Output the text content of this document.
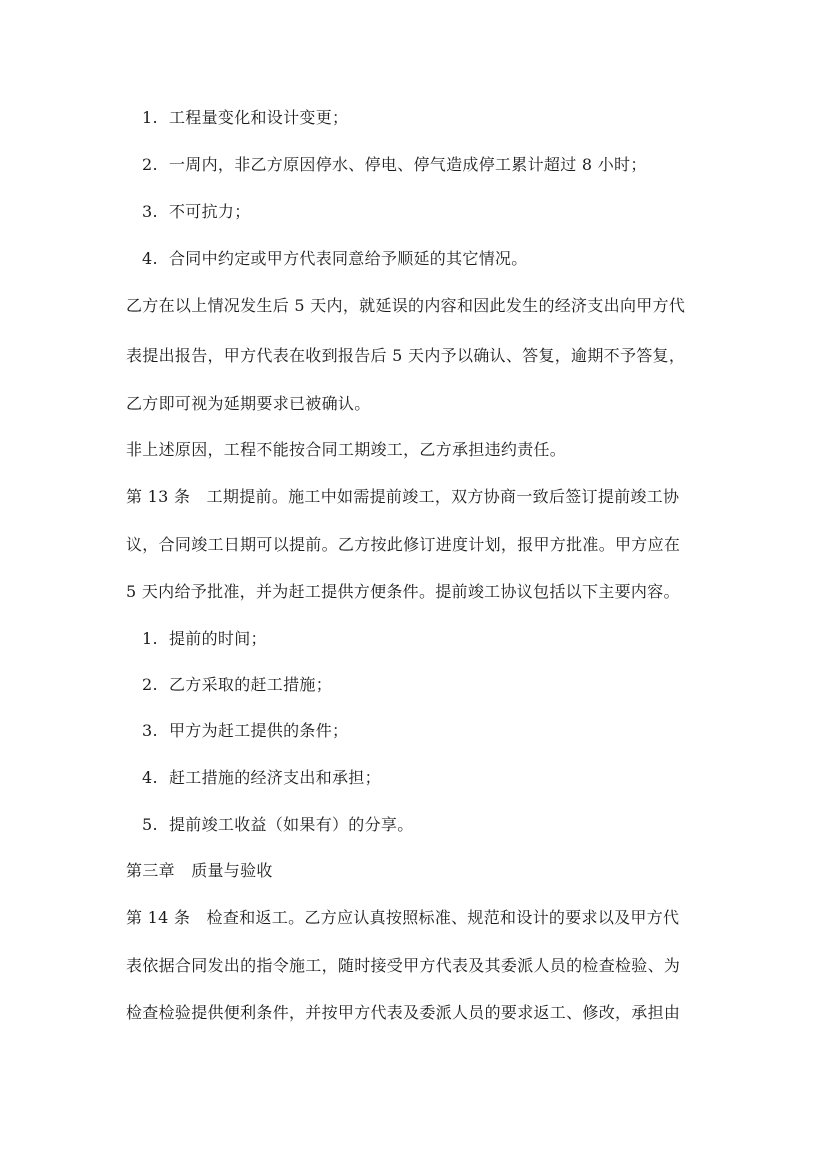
1. 工程量变化和设计变更；
2. 一周内，非乙方原因停水、停电、停气造成停工累计超过 8 小时；
3. 不可抗力；
4. 合同中约定或甲方代表同意给予顺延的其它情况。
乙方在以上情况发生后 5 天内，就延误的内容和因此发生的经济支出向甲方代
表提出报告，甲方代表在收到报告后 5 天内予以确认、答复，逾期不予答复，
乙方即可视为延期要求已被确认。
非上述原因，工程不能按合同工期竣工，乙方承担违约责任。
第 13 条　工期提前。施工中如需提前竣工，双方协商一致后签订提前竣工协
议，合同竣工日期可以提前。乙方按此修订进度计划，报甲方批准。甲方应在
5 天内给予批准，并为赶工提供方便条件。提前竣工协议包括以下主要内容。
1. 提前的时间；
2. 乙方采取的赶工措施；
3. 甲方为赶工提供的条件；
4. 赶工措施的经济支出和承担；
5. 提前竣工收益（如果有）的分享。
第三章　质量与验收
第 14 条　检查和返工。乙方应认真按照标准、规范和设计的要求以及甲方代
表依据合同发出的指令施工，随时接受甲方代表及其委派人员的检查检验、为
检查检验提供便利条件，并按甲方代表及委派人员的要求返工、修改，承担由
